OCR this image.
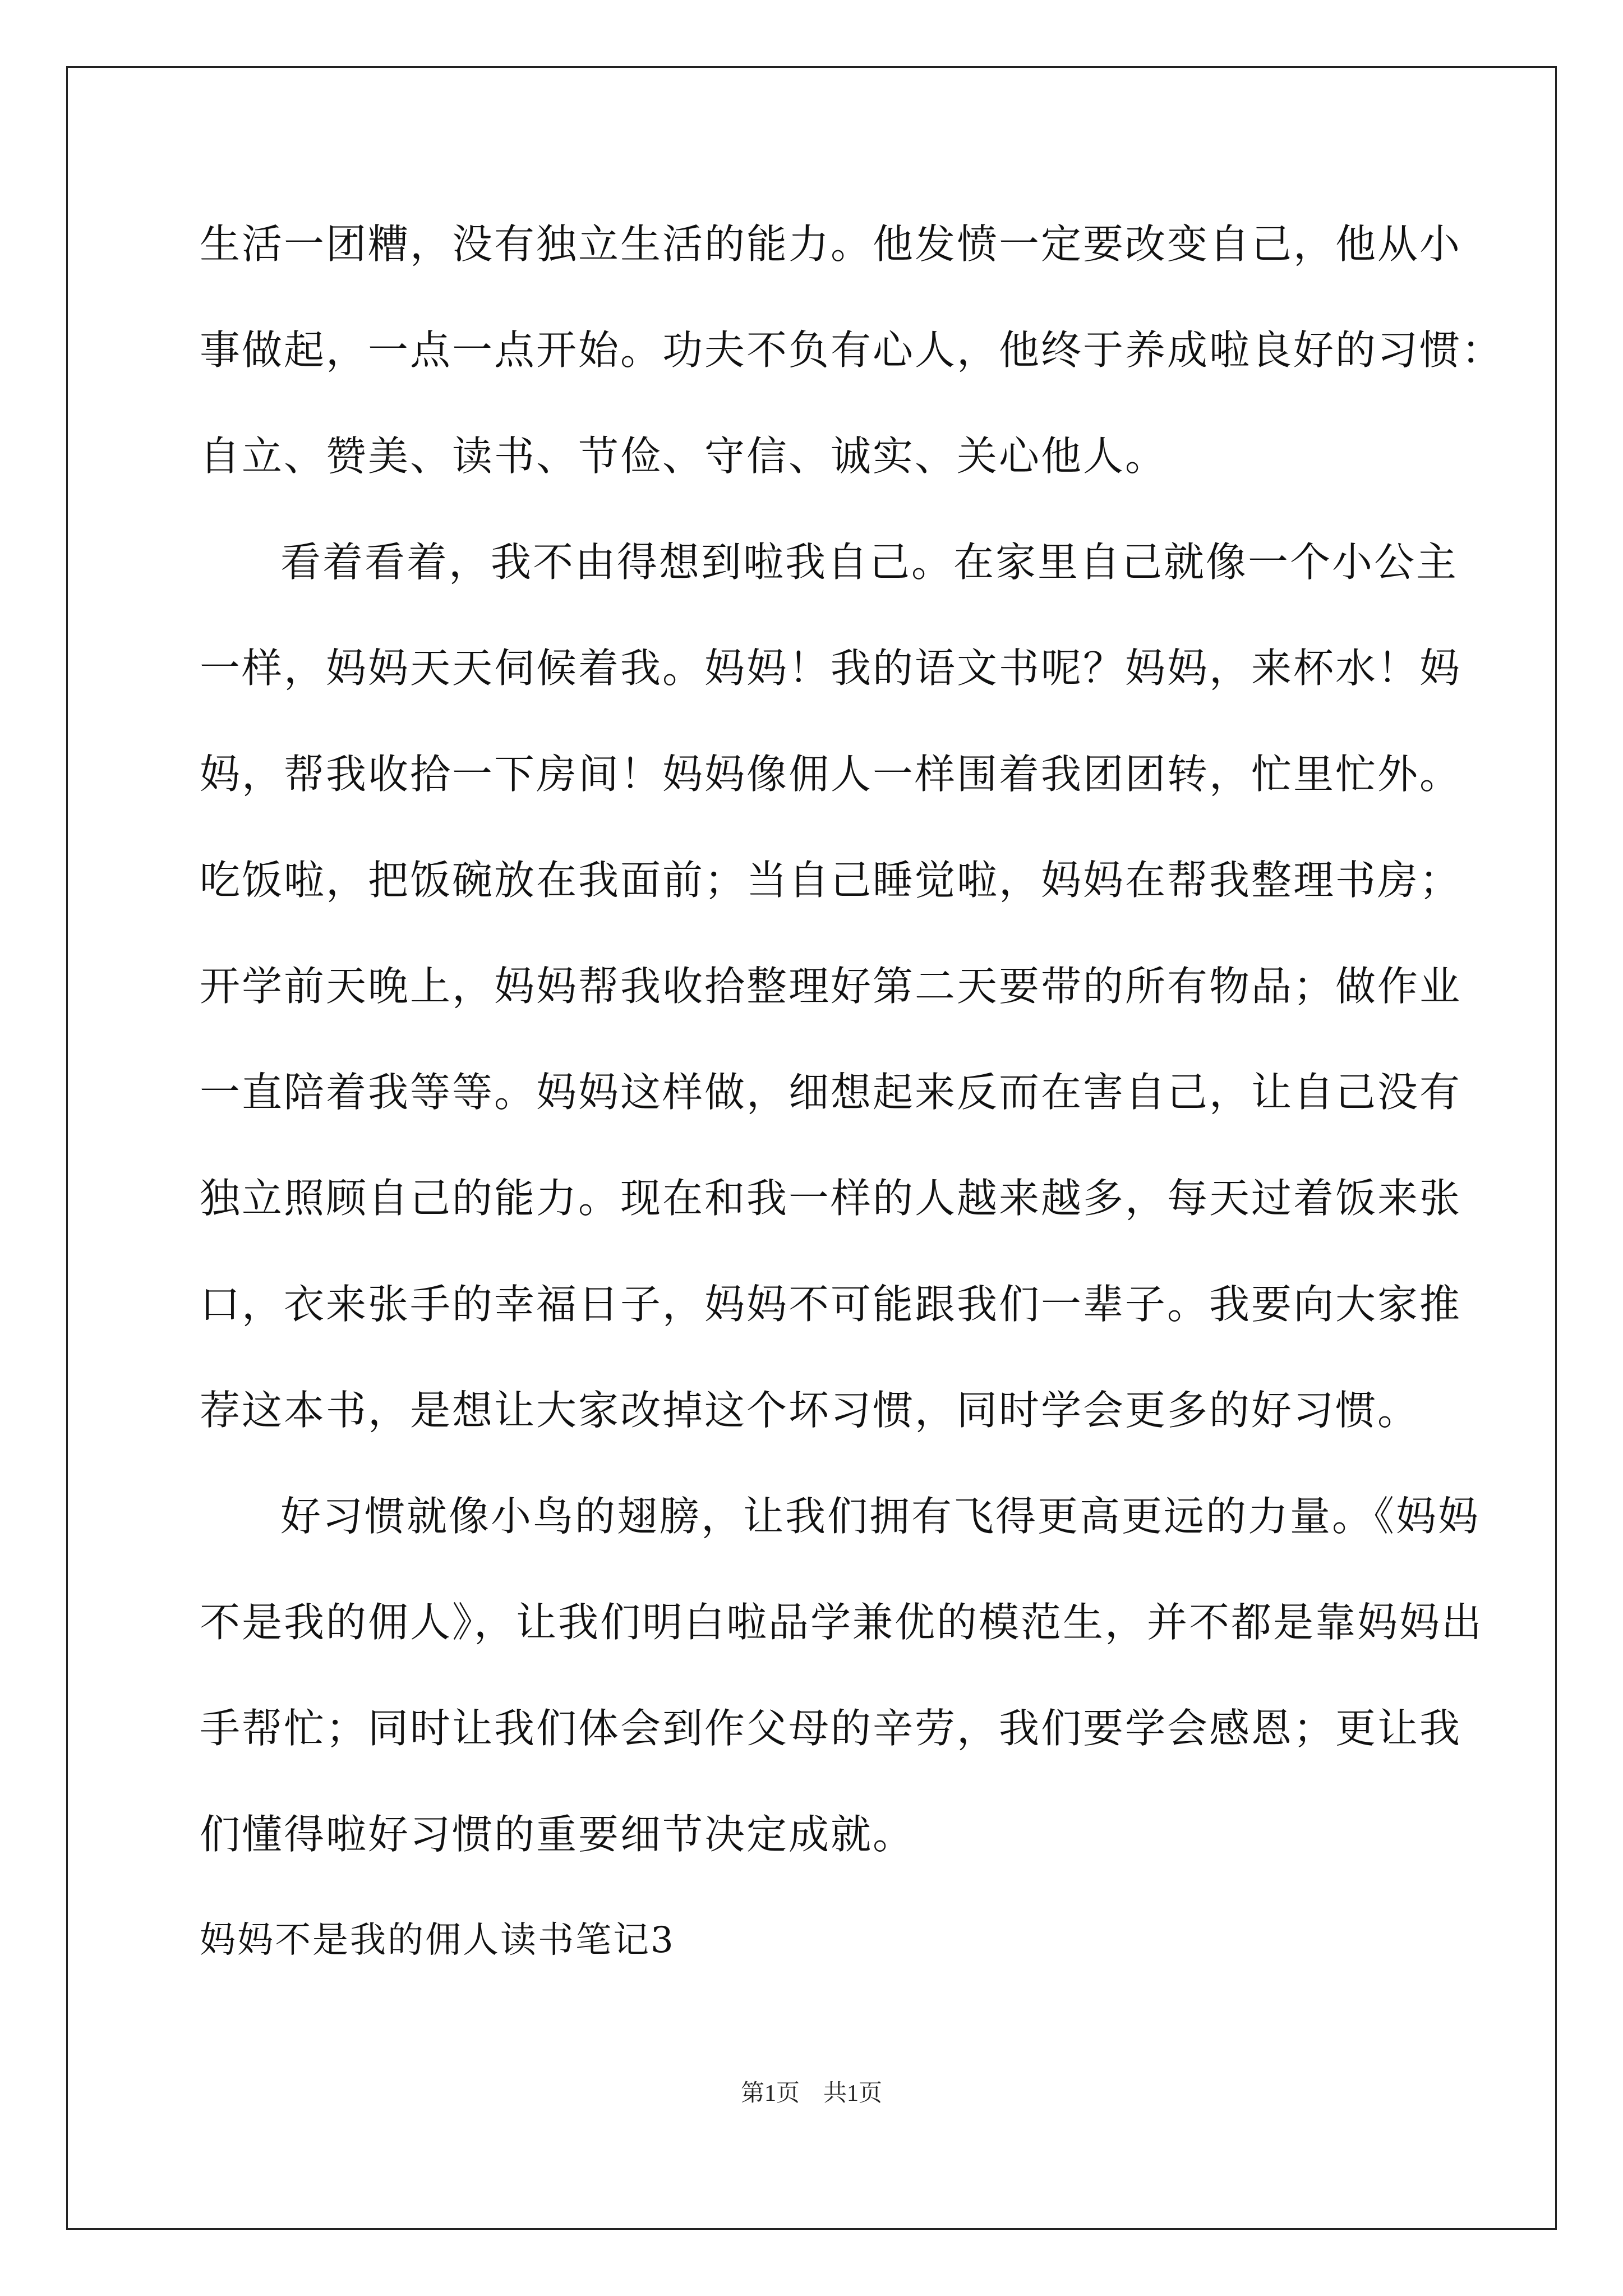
生活一团糟，没有独立生活的能力。他发愤一定要改变自己，他从小
事做起，一点一点开始。功夫不负有心人，他终于养成啦良好的习惯：
自立、赞美、读书、节俭、守信、诚实、关心他人。
看着看着，我不由得想到啦我自己。在家里自己就像一个小公主
一样，妈妈天天伺候着我。妈妈！我的语文书呢？妈妈，来杯水！妈
妈，帮我收拾一下房间！妈妈像佣人一样围着我团团转，忙里忙外。
吃饭啦，把饭碗放在我面前；当自己睡觉啦，妈妈在帮我整理书房；
开学前天晚上，妈妈帮我收拾整理好第二天要带的所有物品；做作业
一直陪着我等等。妈妈这样做，细想起来反而在害自己，让自己没有
独立照顾自己的能力。现在和我一样的人越来越多，每天过着饭来张
口，衣来张手的幸福日子，妈妈不可能跟我们一辈子。我要向大家推
荐这本书，是想让大家改掉这个坏习惯，同时学会更多的好习惯。
好习惯就像小鸟的翅膀，让我们拥有飞得更高更远的力量。《妈妈
不是我的佣人》，让我们明白啦品学兼优的模范生，并不都是靠妈妈出
手帮忙；同时让我们体会到作父母的辛劳，我们要学会感恩；更让我
们懂得啦好习惯的重要细节决定成就。
妈妈不是我的佣人读书笔记3
第1页　共1页
